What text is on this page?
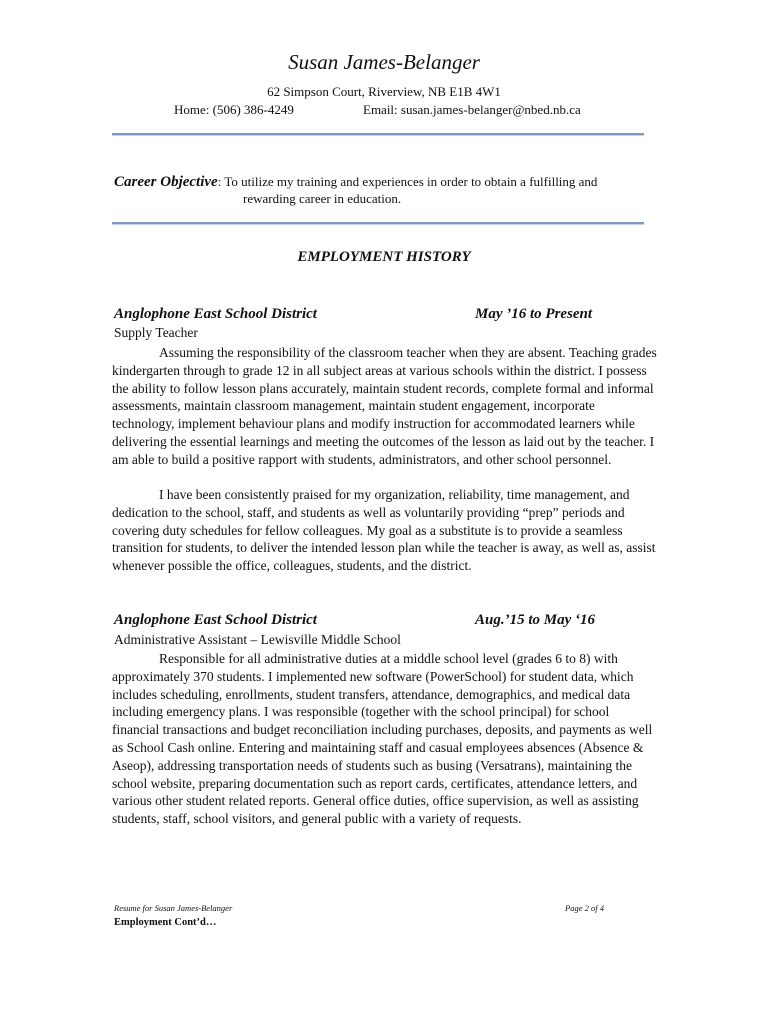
Susan James-Belanger
62 Simpson Court, Riverview, NB E1B 4W1
Home: (506) 386-4249	Email: susan.james-belanger@nbed.nb.ca
Career Objective: To utilize my training and experiences in order to obtain a fulfilling and
rewarding career in education.
EMPLOYMENT HISTORY
Anglophone East School District	May ’16 to Present
Supply Teacher

Assuming the responsibility of the classroom teacher when they are absent. Teaching grades kindergarten through to grade 12 in all subject areas at various schools within the district. I possess the ability to follow lesson plans accurately, maintain student records, complete formal and informal assessments, maintain classroom management, maintain student engagement, incorporate technology, implement behaviour plans and modify instruction for accommodated learners while delivering the essential learnings and meeting the outcomes of the lesson as laid out by the teacher. I am able to build a positive rapport with students, administrators, and other school personnel.

I have been consistently praised for my organization, reliability, time management, and dedication to the school, staff, and students as well as voluntarily providing “prep” periods and covering duty schedules for fellow colleagues. My goal as a substitute is to provide a seamless transition for students, to deliver the intended lesson plan while the teacher is away, as well as, assist whenever possible the office, colleagues, students, and the district.

Anglophone East School District	Aug.’15 to May ‘16
Administrative Assistant – Lewisville Middle School

Responsible for all administrative duties at a middle school level (grades 6 to 8) with approximately 370 students. I implemented new software (PowerSchool) for student data, which includes scheduling, enrollments, student transfers, attendance, demographics, and medical data including emergency plans. I was responsible (together with the school principal) for school financial transactions and budget reconciliation including purchases, deposits, and payments as well as School Cash online. Entering and maintaining staff and casual employees absences (Absence & Aseop), addressing transportation needs of students such as busing (Versatrans), maintaining the school website, preparing documentation such as report cards, certificates, attendance letters, and various other student related reports. General office duties, office supervision, as well as assisting students, staff, school visitors, and general public with a variety of requests.

Resume for Susan James-Belanger	Page 2 of 4
Employment Cont’d…
